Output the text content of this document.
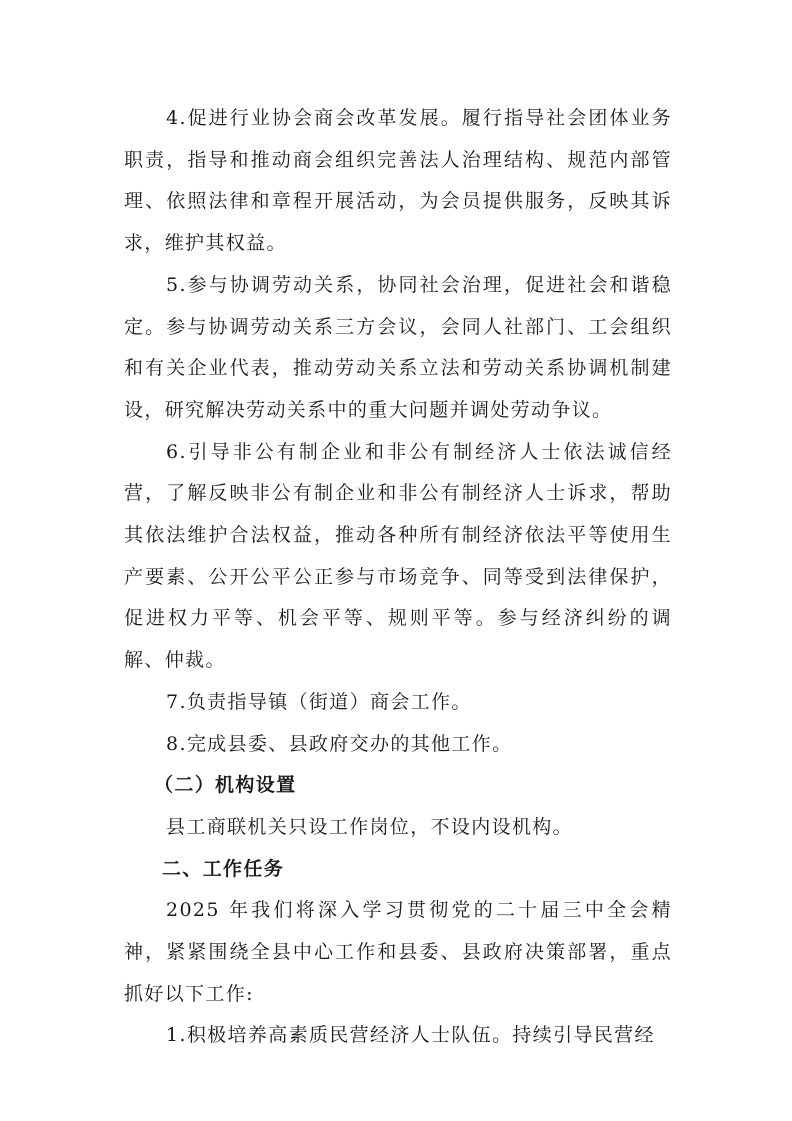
4.促进行业协会商会改革发展。履行指导社会团体业务职责，指导和推动商会组织完善法人治理结构、规范内部管理、依照法律和章程开展活动，为会员提供服务，反映其诉求，维护其权益。

5.参与协调劳动关系，协同社会治理，促进社会和谐稳定。参与协调劳动关系三方会议，会同人社部门、工会组织和有关企业代表，推动劳动关系立法和劳动关系协调机制建设，研究解决劳动关系中的重大问题并调处劳动争议。

6.引导非公有制企业和非公有制经济人士依法诚信经营，了解反映非公有制企业和非公有制经济人士诉求，帮助其依法维护合法权益，推动各种所有制经济依法平等使用生产要素、公开公平公正参与市场竞争、同等受到法律保护，促进权力平等、机会平等、规则平等。参与经济纠纷的调解、仲裁。

7.负责指导镇（街道）商会工作。

8.完成县委、县政府交办的其他工作。

（二）机构设置

县工商联机关只设工作岗位，不设内设机构。

二、工作任务

2025 年我们将深入学习贯彻党的二十届三中全会精神，紧紧围绕全县中心工作和县委、县政府决策部署，重点抓好以下工作:

1.积极培养高素质民营经济人士队伍。持续引导民营经
